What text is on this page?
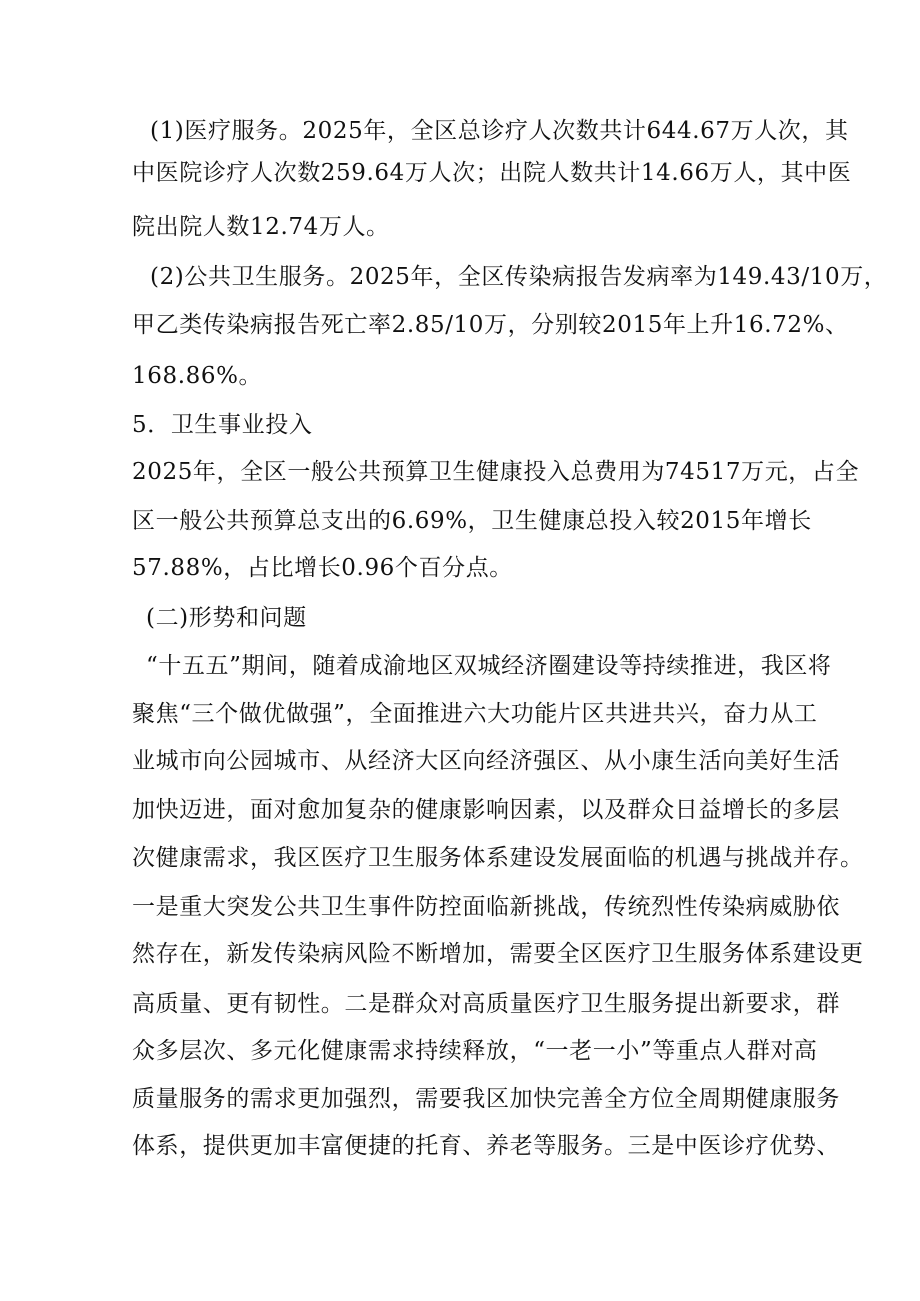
(1)医疗服务。2025年，全区总诊疗人次数共计644.67万人次，其
中医院诊疗人次数259.64万人次；出院人数共计14.66万人，其中医
院出院人数12.74万人。
(2)公共卫生服务。2025年，全区传染病报告发病率为149.43/10万，
甲乙类传染病报告死亡率2.85/10万，分别较2015年上升16.72%、
168.86%。
5．卫生事业投入
2025年，全区一般公共预算卫生健康投入总费用为74517万元，占全
区一般公共预算总支出的6.69%，卫生健康总投入较2015年增长
57.88%，占比增长0.96个百分点。
(二)形势和问题
“十五五”期间，随着成渝地区双城经济圈建设等持续推进，我区将
聚焦“三个做优做强”，全面推进六大功能片区共进共兴，奋力从工
业城市向公园城市、从经济大区向经济强区、从小康生活向美好生活
加快迈进，面对愈加复杂的健康影响因素，以及群众日益增长的多层
次健康需求，我区医疗卫生服务体系建设发展面临的机遇与挑战并存。
一是重大突发公共卫生事件防控面临新挑战，传统烈性传染病威胁依
然存在，新发传染病风险不断增加，需要全区医疗卫生服务体系建设更
高质量、更有韧性。二是群众对高质量医疗卫生服务提出新要求，群
众多层次、多元化健康需求持续释放，“一老一小”等重点人群对高
质量服务的需求更加强烈，需要我区加快完善全方位全周期健康服务
体系，提供更加丰富便捷的托育、养老等服务。三是中医诊疗优势、
